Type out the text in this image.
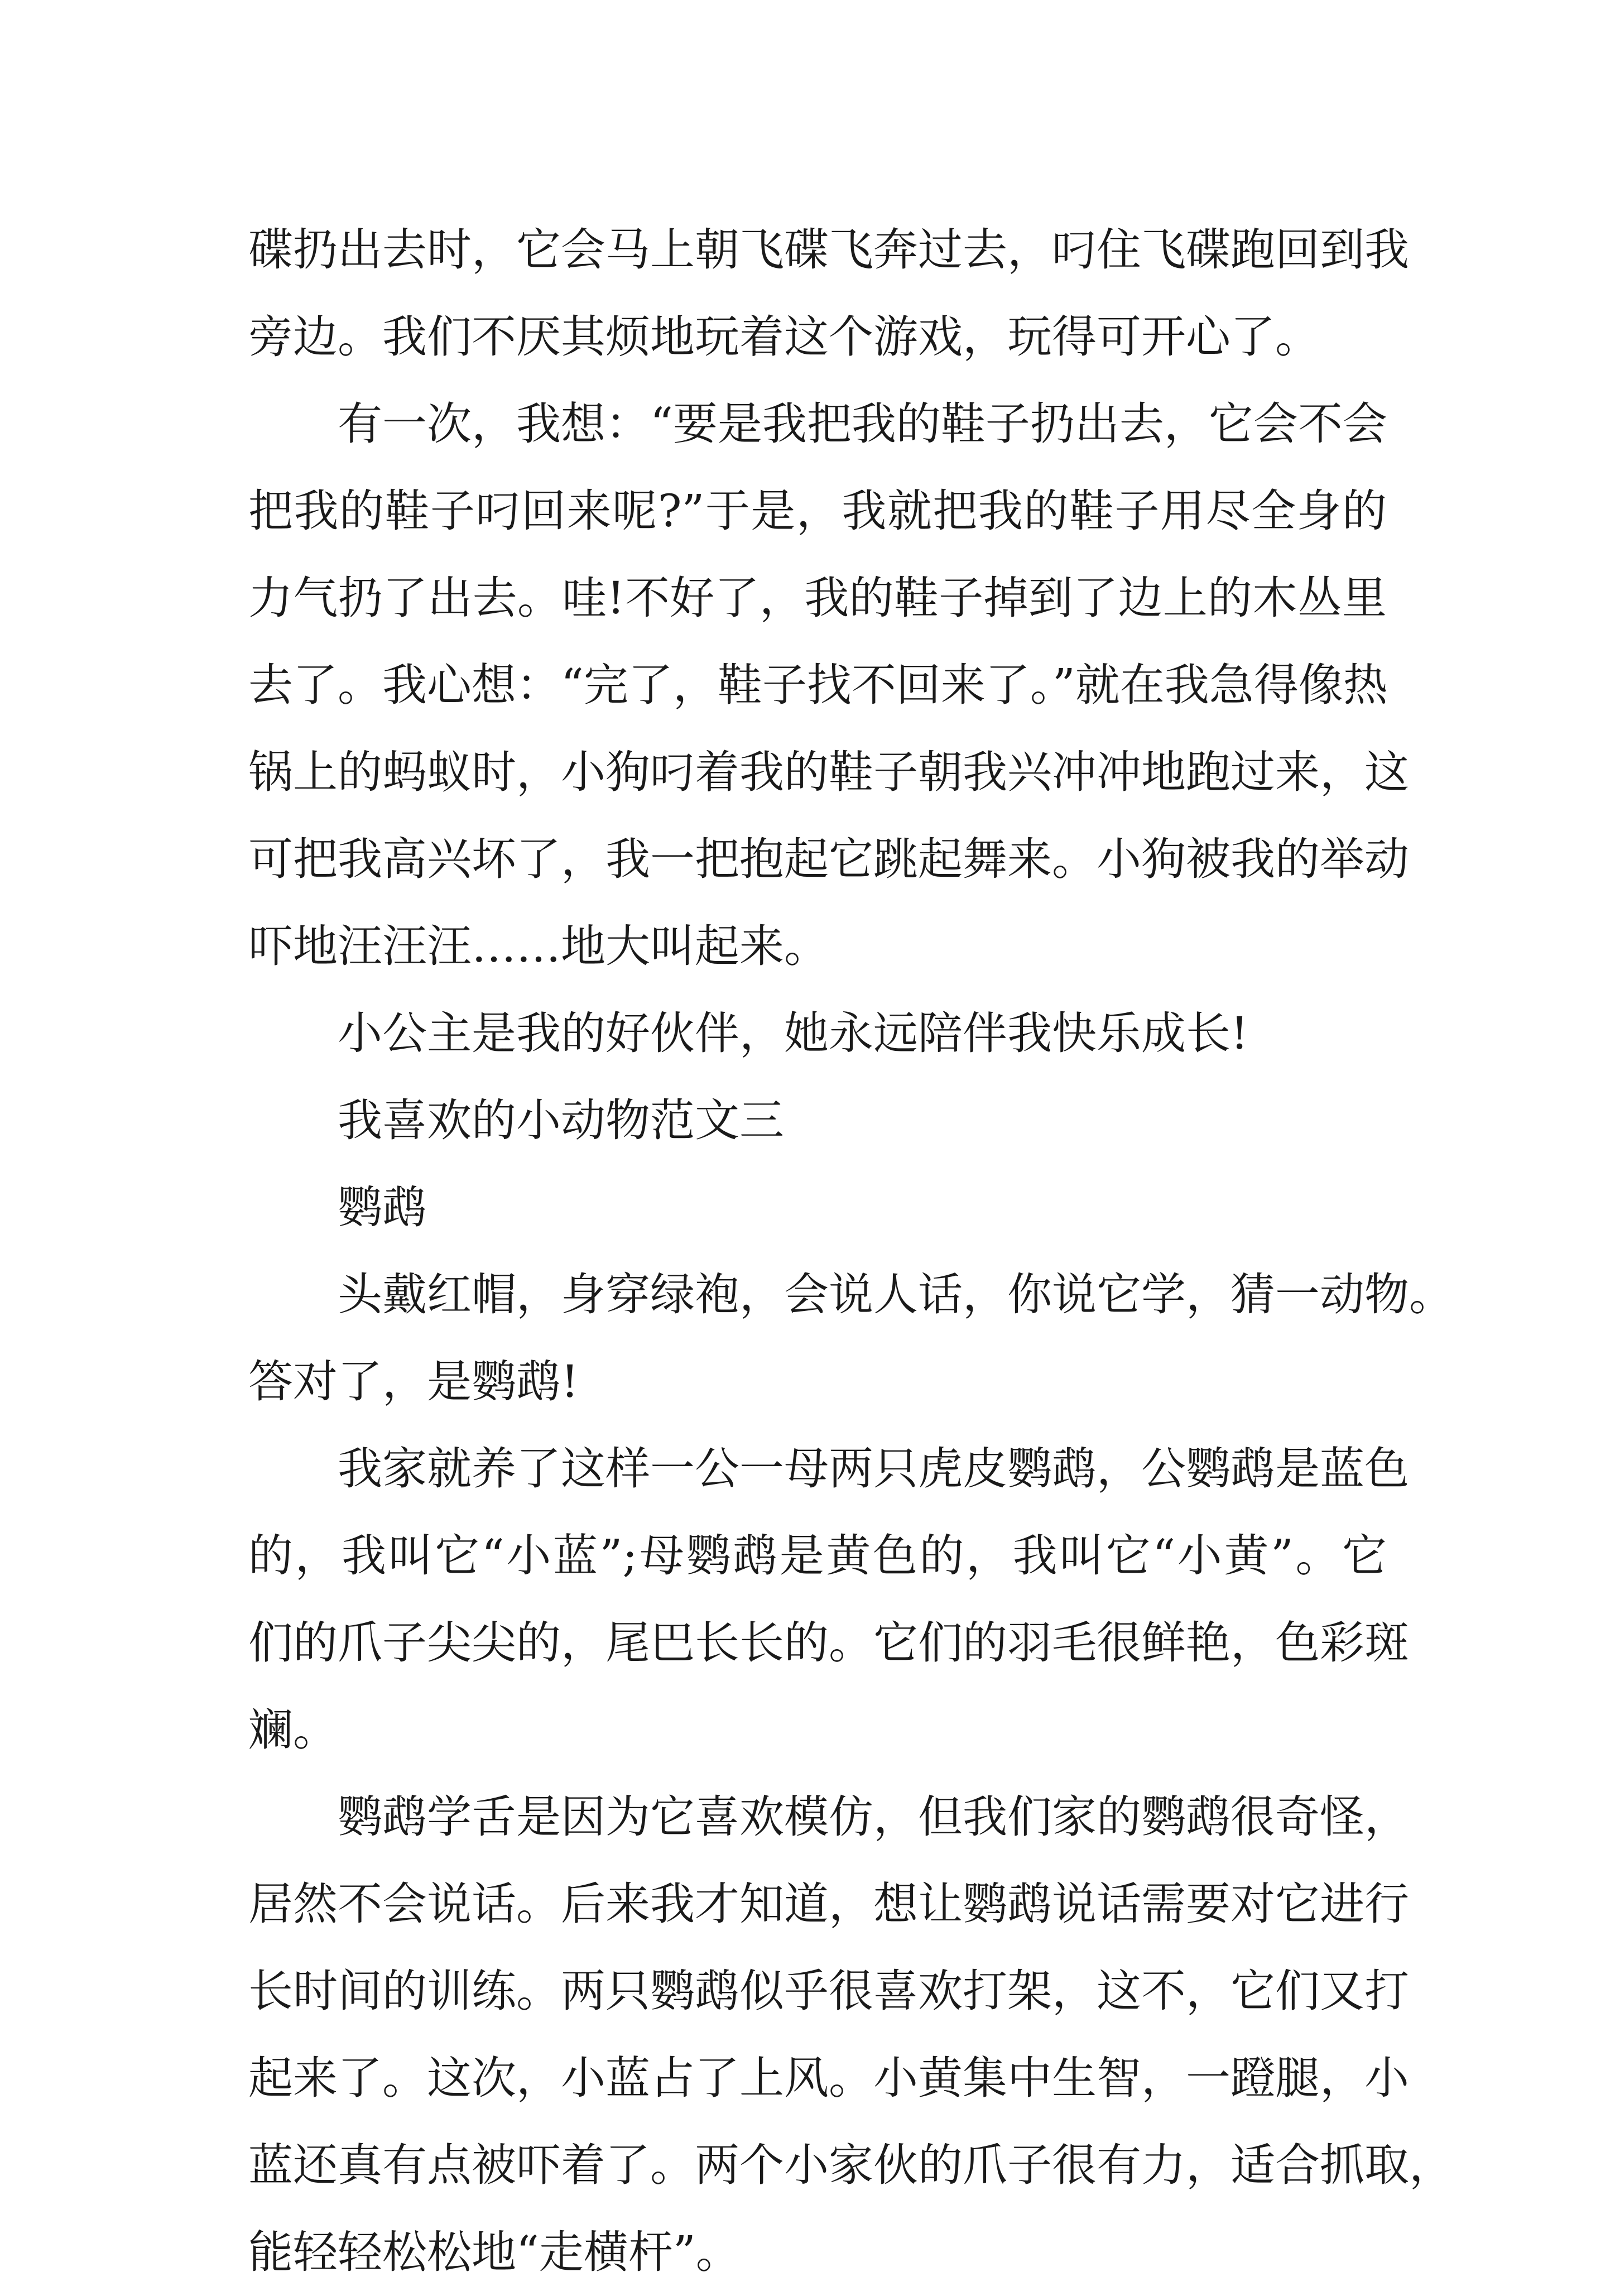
碟扔出去时，它会马上朝飞碟飞奔过去，叼住飞碟跑回到我
旁边。我们不厌其烦地玩着这个游戏，玩得可开心了。
有一次，我想：“要是我把我的鞋子扔出去，它会不会
把我的鞋子叼回来呢?”于是，我就把我的鞋子用尽全身的
力气扔了出去。哇!不好了，我的鞋子掉到了边上的木丛里
去了。我心想：“完了，鞋子找不回来了。”就在我急得像热
锅上的蚂蚁时，小狗叼着我的鞋子朝我兴冲冲地跑过来，这
可把我高兴坏了，我一把抱起它跳起舞来。小狗被我的举动
吓地汪汪汪……地大叫起来。
小公主是我的好伙伴，她永远陪伴我快乐成长!
我喜欢的小动物范文三
鹦鹉
头戴红帽，身穿绿袍，会说人话，你说它学，猜一动物。
答对了，是鹦鹉!
我家就养了这样一公一母两只虎皮鹦鹉，公鹦鹉是蓝色
的，我叫它“小蓝”;母鹦鹉是黄色的，我叫它“小黄”。它
们的爪子尖尖的，尾巴长长的。它们的羽毛很鲜艳，色彩斑
斓。
鹦鹉学舌是因为它喜欢模仿，但我们家的鹦鹉很奇怪，
居然不会说话。后来我才知道，想让鹦鹉说话需要对它进行
长时间的训练。两只鹦鹉似乎很喜欢打架，这不，它们又打
起来了。这次，小蓝占了上风。小黄集中生智，一蹬腿，小
蓝还真有点被吓着了。两个小家伙的爪子很有力，适合抓取，
能轻轻松松地“走横杆”。
